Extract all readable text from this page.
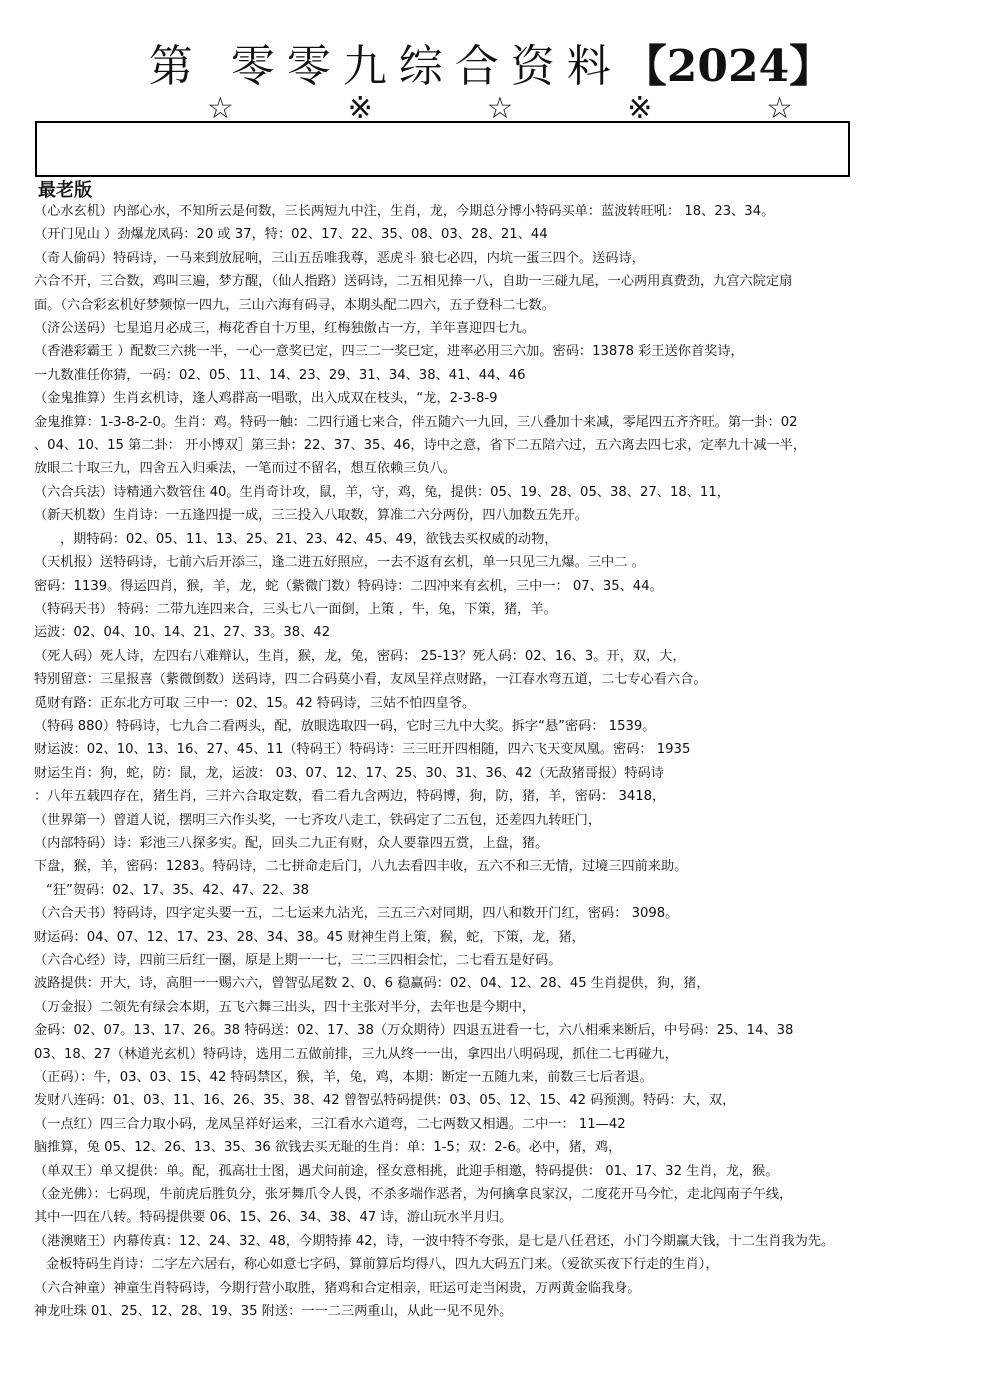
第 零零九综合资料【2024】
☆	※	☆	※	☆
最老版
（心水玄机）内部心水，不知所云是何数，三长两短九中注，生肖，龙，今期总分博小特码买单：蓝波转旺吼： 18、23、34。
（开门见山 ）劲爆龙凤码：20 或 37，特：02、17、22、35、08、03、28、21、44
（奇人偷码）特码诗，一马来到放屁响，三山五岳唯我尊，恶虎斗 狼七必四，内坑一蛋三四个。送码诗，
六合不开，三合数，鸡叫三遍，梦方醒，（仙人指路）送码诗，二五相见捧一八，自助一三碰九尾，一心两用真费劲，九宫六院定扇
面。（六合彩玄机好梦频惊一四九，三山六海有码寻，本期头配二四六，五子登科二七数。
（济公送码）七星追月必成三，梅花香自十万里，红梅独傲占一方，羊年喜迎四七九。
（香港彩霸王 ）配数三六挑一半，一心一意奖已定，四三二一奖已定，进率必用三六加。密码：13878 彩王送你首奖诗，
一九数准任你猜，一码：02、05、11、14、23、29、31、34、38、41、44、46
（金鬼推算）生肖玄机诗，逢人鸡群高一唱歌，出入成双在枝头，“龙，2-3-8-9
金鬼推算：1-3-8-2-0。生肖：鸡。特码一触：二四行通七来合，伴五随六一九回，三八叠加十来减，零尾四五齐齐旺。第一卦：02
、04、10、15 第二卦： 开小博双］第三卦：22、37、35、46，诗中之意，省下二五陪六过，五六离去四七求，定率九十减一半，
放眼二十取三九，四舍五入归乘法，一笔而过不留名，想互依赖三负八。
（六合兵法）诗精通六数管住 40。生肖奇计攻，鼠，羊，守，鸡，兔，提供：05、19、28、05、38、27、18、11，
（新天机数）生肖诗：一五逢四提一成，三三投入八取数，算准二六分两份，四八加数五先开。
，期特码：02、05、11、13、25、21、23、42、45、49，欲钱去买权威的动物，
（天机报）送特码诗，七前六后开添三，逢二进五好照应，一去不返有玄机，单一只见三九爆。三中二 。
密码：1139。得运四肖，猴，羊，龙，蛇（紫微门数）特码诗：二四冲来有玄机，三中一： 07、35、44。
（特码天书） 特码：二带九连四来合，三头七八一面倒，上策 ，牛，兔，下策，猪，羊。
运波：02、04、10、14、21、27、33。38、42
（死人码）死人诗，左四右八难辩认，生肖，猴，龙，兔，密码： 25-13？死人码：02、16、3。开，双，大，
特别留意：三星报喜（紫微倒数）送码诗，四二合码莫小看，友凤呈祥点财路，一江春水弯五道，二七专心看六合。
觅财有路：正东北方可取 三中一：02、15。42 特码诗，三姑不怕四皇爷。
（特码 880）特码诗，七九合二看两头，配，放眼选取四一码，它时三九中大奖。拆字“悬”密码： 1539。
财运波：02、10、13、16、27、45、11（特码王）特码诗：三三旺开四相随，四六飞天变凤凰。密码： 1935
财运生肖：狗，蛇，防：鼠，龙，运波： 03、07、12、17、25、30、31、36、42（无敌猪哥报）特码诗
：八年五载四存在，猪生肖，三并六合取定数，看二看九含两边，特码博，狗，防，猪，羊，密码： 3418，
（世界第一）曾道人说，摆明三六作头奖，一七齐攻八走工，铁码定了二五包，还差四九转旺门，
（内部特码）诗：彩池三八探多实。配，回头二九正有财，众人要靠四五赏，上盘，猪。
下盘，猴，羊，密码：1283。特码诗，二七拼命走后门，八九去看四丰收，五六不和三无情，过境三四前来助。
“狂”贺码：02、17、35、42、47、22、38
（六合天书）特码诗，四字定头要一五，二七运来九沾光，三五三六对同期，四八和数开门红，密码： 3098。
财运码：04、07、12、17、23、28、34、38。45 财神生肖上策，猴，蛇，下策，龙，猪，
（六合心经）诗，四前三后红一圈，原是上期一一七，三二三四相会忙，二七看五是好码。
波路提供：开大，诗，高胆一一赐六六，曾智弘尾数 2、0、6 稳赢码：02、04、12、28、45 生肖提供，狗，猪，
（万金报）二领先有绿会本期，五飞六舞三出头，四十主张对半分，去年也是今期中，
金码：02、07。13、17、26。38 特码送：02、17、38（万众期待）四退五进看一七，六八相乘来断后，中号码：25、14、38
03、18、27（林道光玄机）特码诗，选用二五做前排，三九从终一一出，拿四出八明码现，抓住二七再碰九，
（正码）：牛，03、03、15、42 特码禁区，猴，羊，兔，鸡，本期：断定一五随九来，前数三七后者退。
发财八连码：01、03、11、16、26、35、38、42 曾智弘特码提供：03、05、12、15、42 码预测。特码：大，双，
（一点红）四三合力取小码，龙凤呈祥好运来，三江看水六道弯，二七两数又相遇。二中一： 11—42
脑推算，兔 05、12、26、13、35、36 欲钱去买无耻的生肖：单：1-5；双：2-6。必中，猪，鸡，
（单双王）单又提供：单。配，孤高壮士图，遇犬问前途，怪女意相挑，此迎手相邀，特码提供： 01、17、32 生肖，龙，猴。
（金光佛）：七码现，牛前虎后胜负分，张牙舞爪令人畏，不杀多端作恶者，为何擒拿良家汉，二度花开马今忙，走北闯南子午线，
其中一四在八转。特码提供要 06、15、26、34、38、47 诗，游山玩水半月归。
（港澳赌王）内幕传真：12、24、32、48，今期特捧 42，诗，一波中特不夸张，是七是八任君还，小门今期赢大钱，十二生肖我为先。
金板特码生肖诗：二字左六居右，称心如意七字码，算前算后均得八，四九大码五门来。（爱欲买夜下行走的生肖），
（六合神童）神童生肖特码诗，今期行营小取胜，猪鸡和合定相亲，旺运可走当闲贵，万两黄金临我身。
神龙吐珠 01、25、12、28、19、35 附送：一一二三两重山，从此一见不见外。
